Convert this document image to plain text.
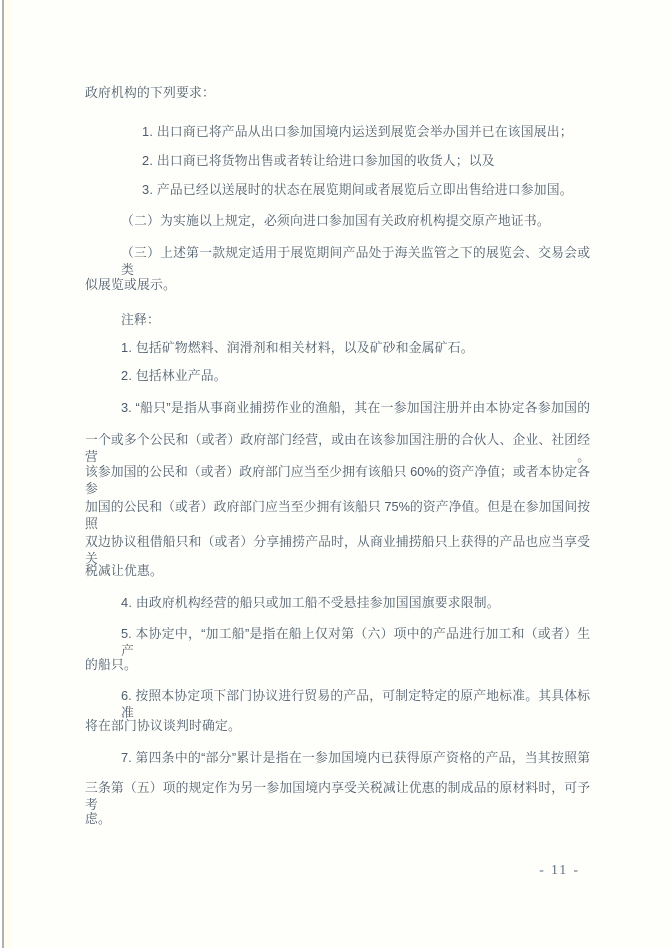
政府机构的下列要求：
1. 出口商已将产品从出口参加国境内运送到展览会举办国并已在该国展出；
2. 出口商已将货物出售或者转让给进口参加国的收货人；以及
3. 产品已经以送展时的状态在展览期间或者展览后立即出售给进口参加国。
（二）为实施以上规定，必须向进口参加国有关政府机构提交原产地证书。
（三）上述第一款规定适用于展览期间产品处于海关监管之下的展览会、交易会或类
似展览或展示。
注释：
1. 包括矿物燃料、润滑剂和相关材料，以及矿砂和金属矿石。
2. 包括林业产品。
3. “船只”是指从事商业捕捞作业的渔船，其在一参加国注册并由本协定各参加国的
一个或多个公民和（或者）政府部门经营，或由在该参加国注册的合伙人、企业、社团经营。
该参加国的公民和（或者）政府部门应当至少拥有该船只 60%的资产净值；或者本协定各参
加国的公民和（或者）政府部门应当至少拥有该船只 75%的资产净值。但是在参加国间按照
双边协议租借船只和（或者）分享捕捞产品时，从商业捕捞船只上获得的产品也应当享受关
税减让优惠。
4. 由政府机构经营的船只或加工船不受悬挂参加国国旗要求限制。
5. 本协定中，“加工船”是指在船上仅对第（六）项中的产品进行加工和（或者）生产
的船只。
6. 按照本协定项下部门协议进行贸易的产品，可制定特定的原产地标准。其具体标准
将在部门协议谈判时确定。
7. 第四条中的“部分”累计是指在一参加国境内已获得原产资格的产品，当其按照第
三条第（五）项的规定作为另一参加国境内享受关税减让优惠的制成品的原材料时，可予考
虑。
- 11 -
